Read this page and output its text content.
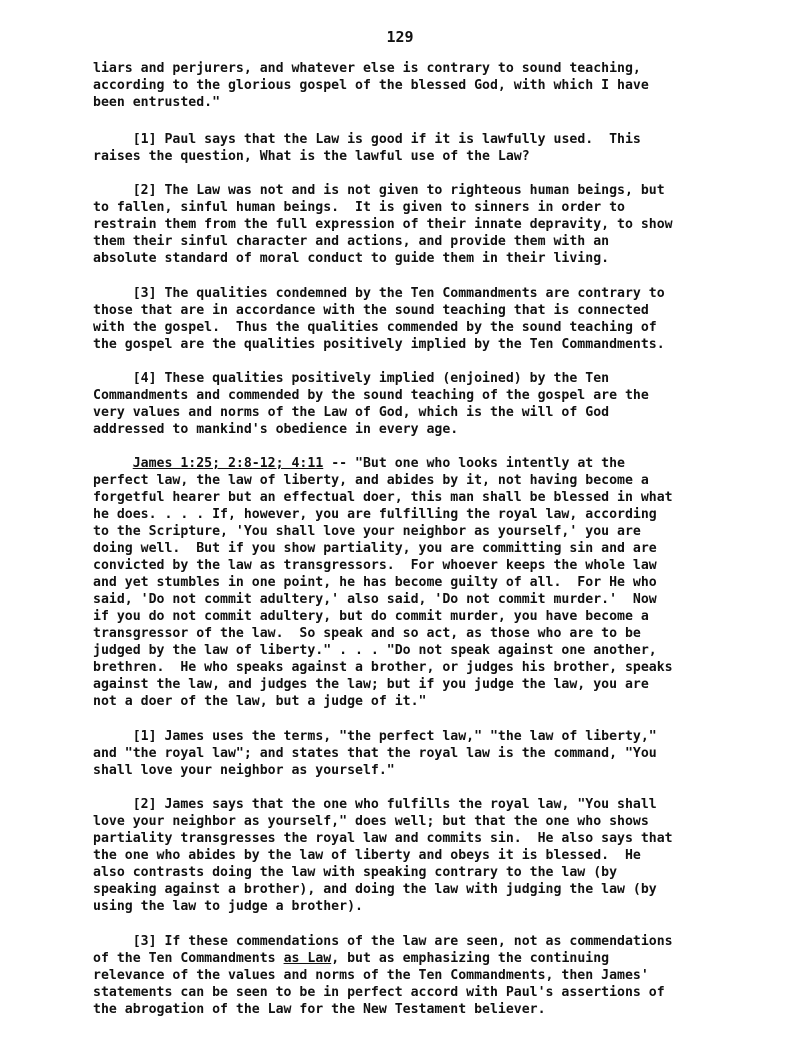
129
liars and perjurers, and whatever else is contrary to sound teaching,
according to the glorious gospel of the blessed God, with which I have
been entrusted."
[1] Paul says that the Law is good if it is lawfully used.  This
raises the question, What is the lawful use of the Law?
[2] The Law was not and is not given to righteous human beings, but
to fallen, sinful human beings.  It is given to sinners in order to
restrain them from the full expression of their innate depravity, to show
them their sinful character and actions, and provide them with an
absolute standard of moral conduct to guide them in their living.
[3] The qualities condemned by the Ten Commandments are contrary to
those that are in accordance with the sound teaching that is connected
with the gospel.  Thus the qualities commended by the sound teaching of
the gospel are the qualities positively implied by the Ten Commandments.
[4] These qualities positively implied (enjoined) by the Ten
Commandments and commended by the sound teaching of the gospel are the
very values and norms of the Law of God, which is the will of God
addressed to mankind's obedience in every age.
James 1:25; 2:8-12; 4:11 -- "But one who looks intently at the
perfect law, the law of liberty, and abides by it, not having become a
forgetful hearer but an effectual doer, this man shall be blessed in what
he does. . . . If, however, you are fulfilling the royal law, according
to the Scripture, 'You shall love your neighbor as yourself,' you are
doing well.  But if you show partiality, you are committing sin and are
convicted by the law as transgressors.  For whoever keeps the whole law
and yet stumbles in one point, he has become guilty of all.  For He who
said, 'Do not commit adultery,' also said, 'Do not commit murder.'  Now
if you do not commit adultery, but do commit murder, you have become a
transgressor of the law.  So speak and so act, as those who are to be
judged by the law of liberty." . . . "Do not speak against one another,
brethren.  He who speaks against a brother, or judges his brother, speaks
against the law, and judges the law; but if you judge the law, you are
not a doer of the law, but a judge of it."
[1] James uses the terms, "the perfect law," "the law of liberty,"
and "the royal law"; and states that the royal law is the command, "You
shall love your neighbor as yourself."
[2] James says that the one who fulfills the royal law, "You shall
love your neighbor as yourself," does well; but that the one who shows
partiality transgresses the royal law and commits sin.  He also says that
the one who abides by the law of liberty and obeys it is blessed.  He
also contrasts doing the law with speaking contrary to the law (by
speaking against a brother), and doing the law with judging the law (by
using the law to judge a brother).
[3] If these commendations of the law are seen, not as commendations
of the Ten Commandments as Law, but as emphasizing the continuing
relevance of the values and norms of the Ten Commandments, then James'
statements can be seen to be in perfect accord with Paul's assertions of
the abrogation of the Law for the New Testament believer.
